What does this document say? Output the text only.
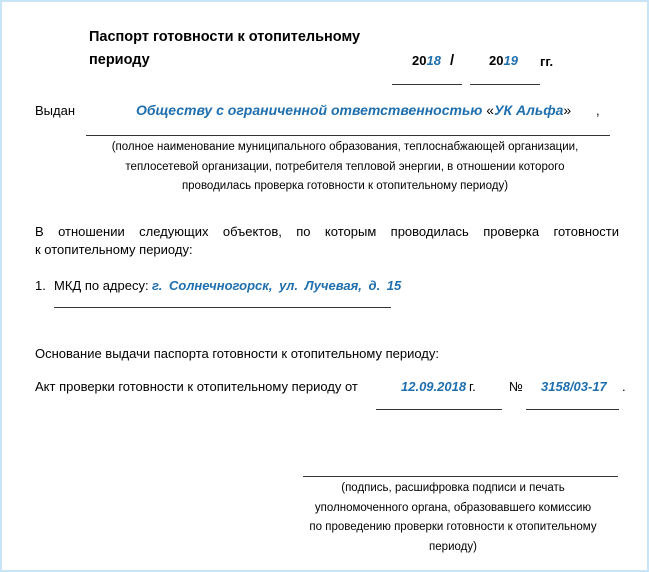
Паспорт готовности к отопительному
периоду	2018 /	2019 гг.
Выдан	Обществу с ограниченной ответственностью «УК Альфа» ,
(полное наименование муниципального образования, теплоснабжающей организации,
теплосетевой организации, потребителя тепловой энергии, в отношении которого
проводилась проверка готовности к отопительному периоду)
В отношении следующих объектов, по которым проводилась проверка готовности
к отопительному периоду:
1. МКД по адресу: г. Солнечногорск, ул. Лучевая, д. 15
Основание выдачи паспорта готовности к отопительному периоду:
Акт проверки готовности к отопительному периоду от	12.09.2018 г.	№ 3158/03-17 .
(подпись, расшифровка подписи и печать
уполномоченного органа, образовавшего комиссию
по проведению проверки готовности к отопительному
периоду)
